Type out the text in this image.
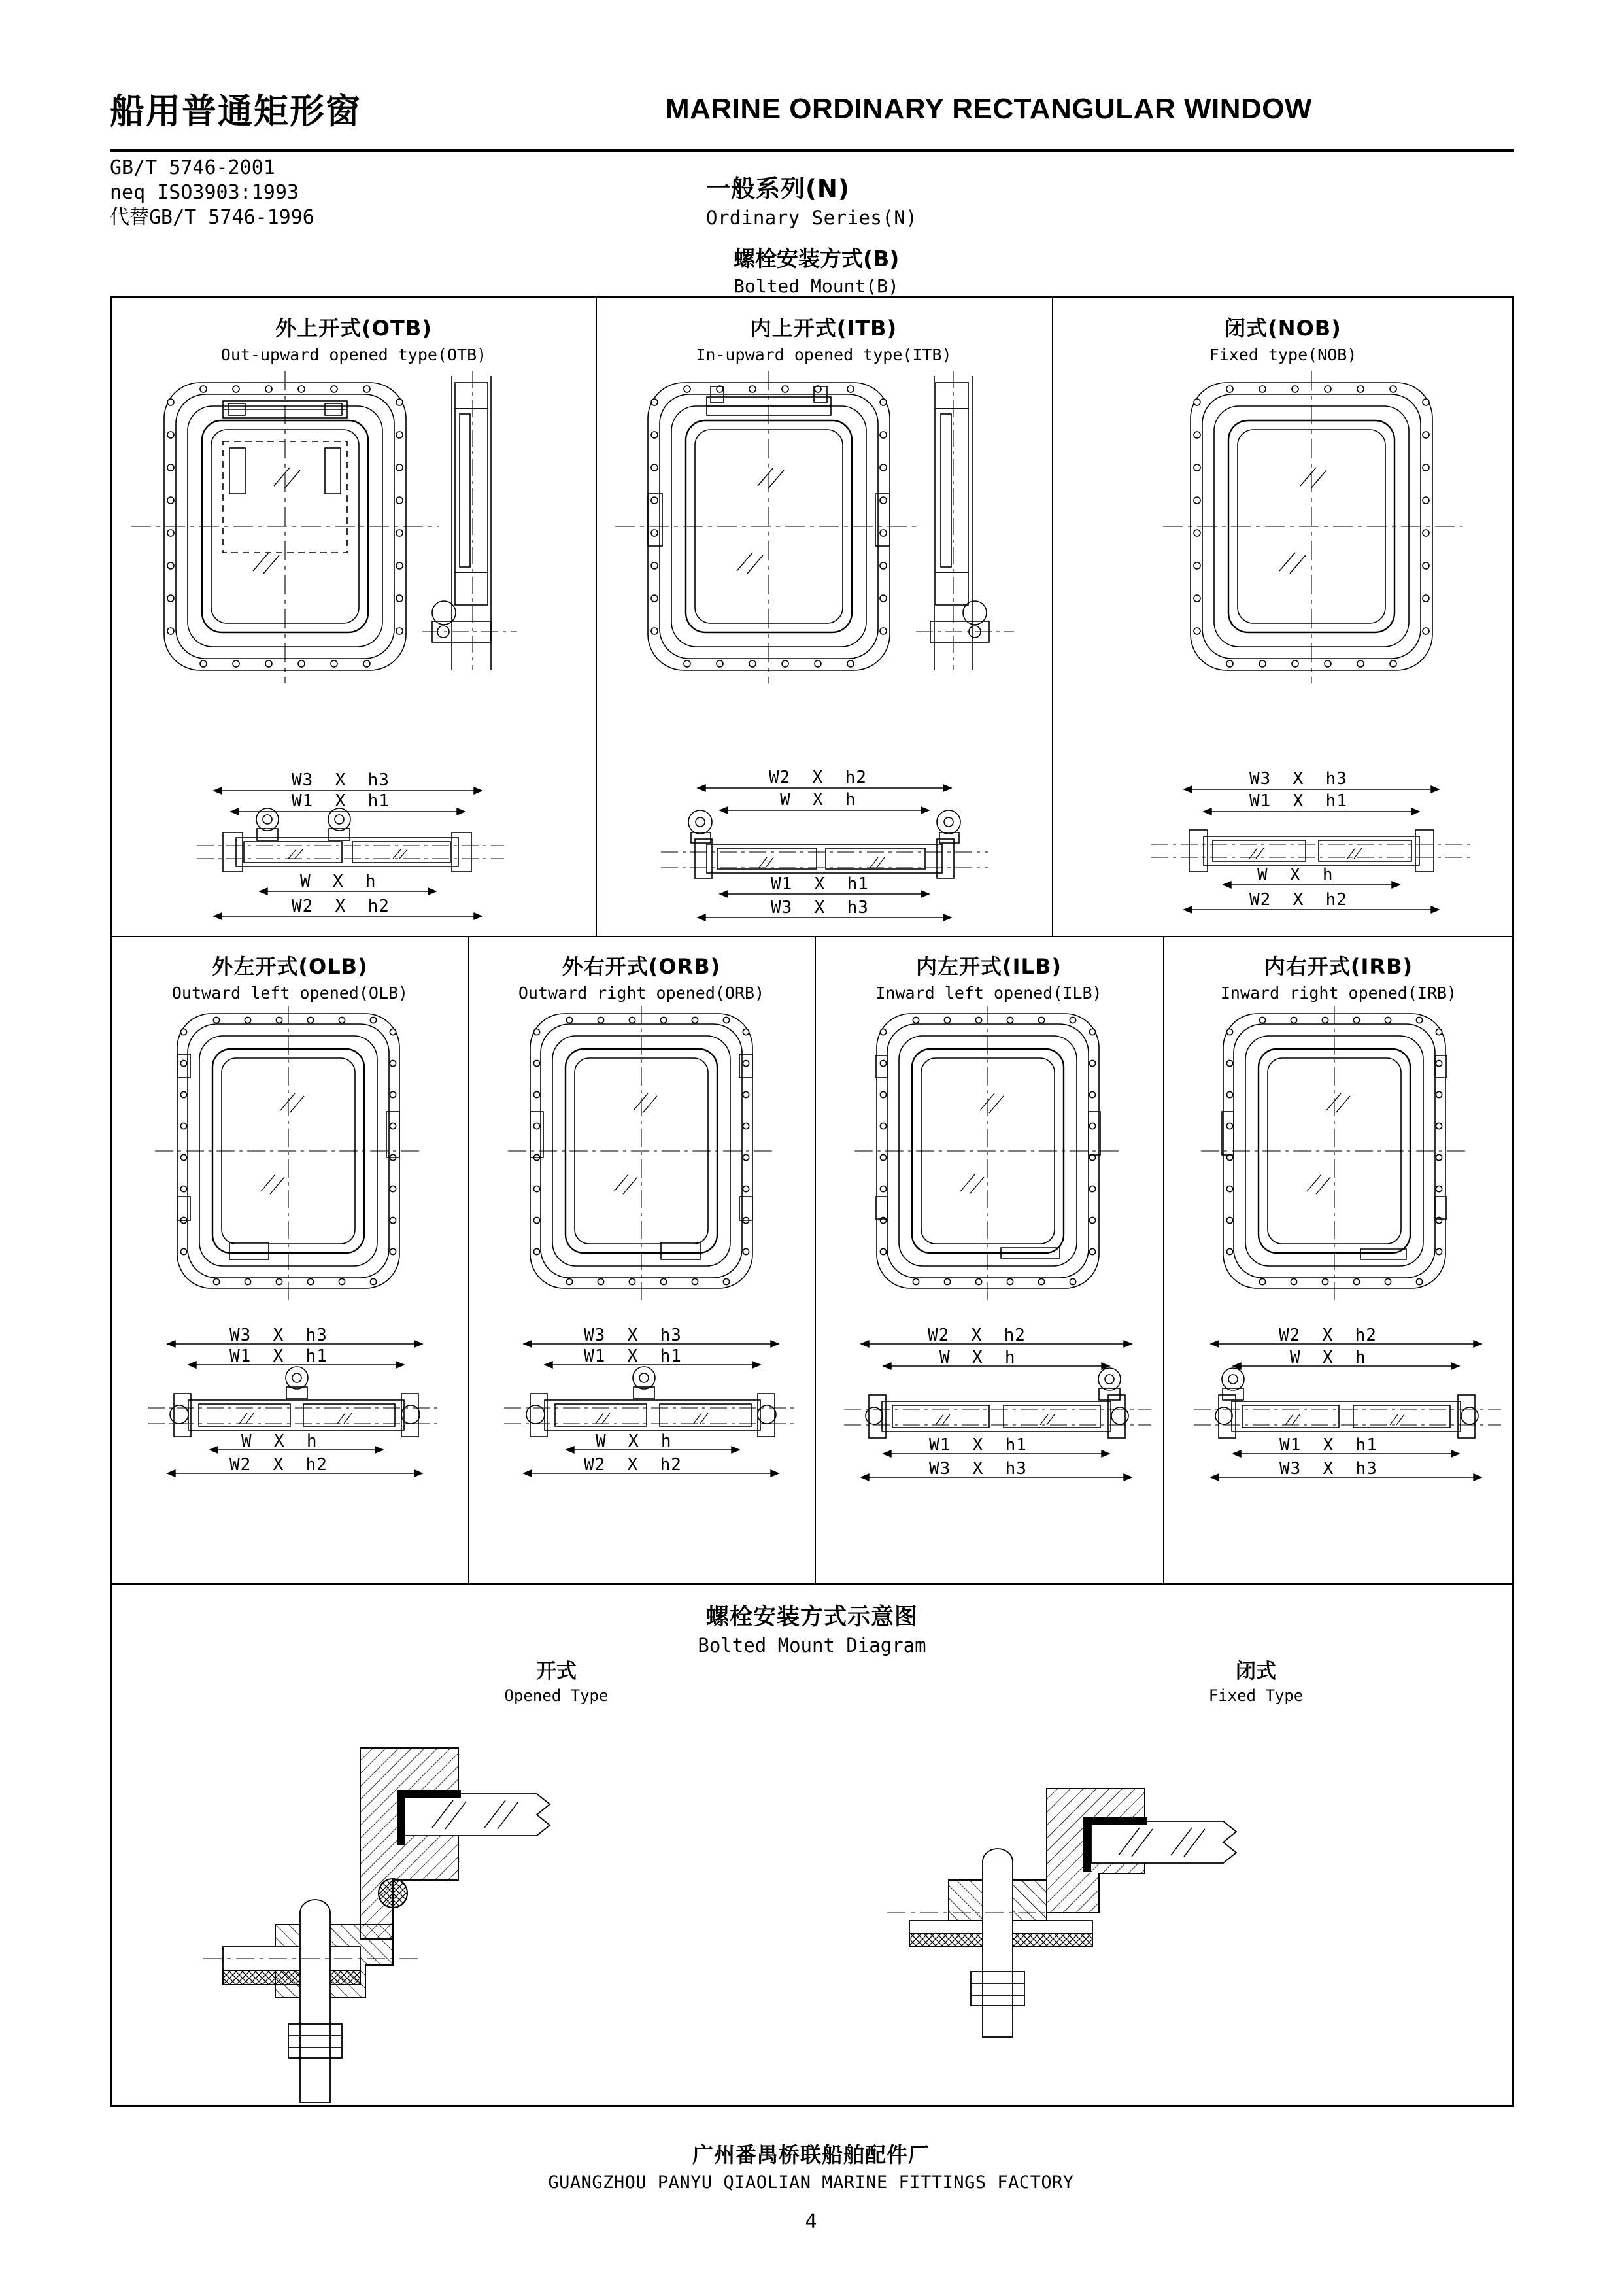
船用普通矩形窗	MARINE ORDINARY RECTANGULAR WINDOW
GB/T 5746-2001
neq ISO3903:1993
代替GB/T 5746-1996
一般系列(N)
Ordinary Series(N)
螺栓安装方式(B)
Bolted Mount(B)
外上开式(OTB)
Out-upward opened type(OTB)
W3  X  h3
W1  X  h1
W  X  h
W2  X  h2
内上开式(ITB)
In-upward opened type(ITB)
W2  X  h2
W  X  h
W1  X  h1
W3  X  h3
闭式(NOB)
Fixed type(NOB)
W3  X  h3
W1  X  h1
W  X  h
W2  X  h2
外左开式(OLB)
Outward left opened(OLB)
W3  X  h3
W1  X  h1
W  X  h
W2  X  h2
外右开式(ORB)
Outward right opened(ORB)
W3  X  h3
W1  X  h1
W  X  h
W2  X  h2
内左开式(ILB)
Inward left opened(ILB)
W2  X  h2
W  X  h
W1  X  h1
W3  X  h3
内右开式(IRB)
Inward right opened(IRB)
W2  X  h2
W  X  h
W1  X  h1
W3  X  h3
螺栓安装方式示意图
Bolted Mount Diagram
开式
Opened Type
闭式
Fixed Type
广州番禺桥联船舶配件厂
GUANGZHOU PANYU QIAOLIAN MARINE FITTINGS FACTORY
4
